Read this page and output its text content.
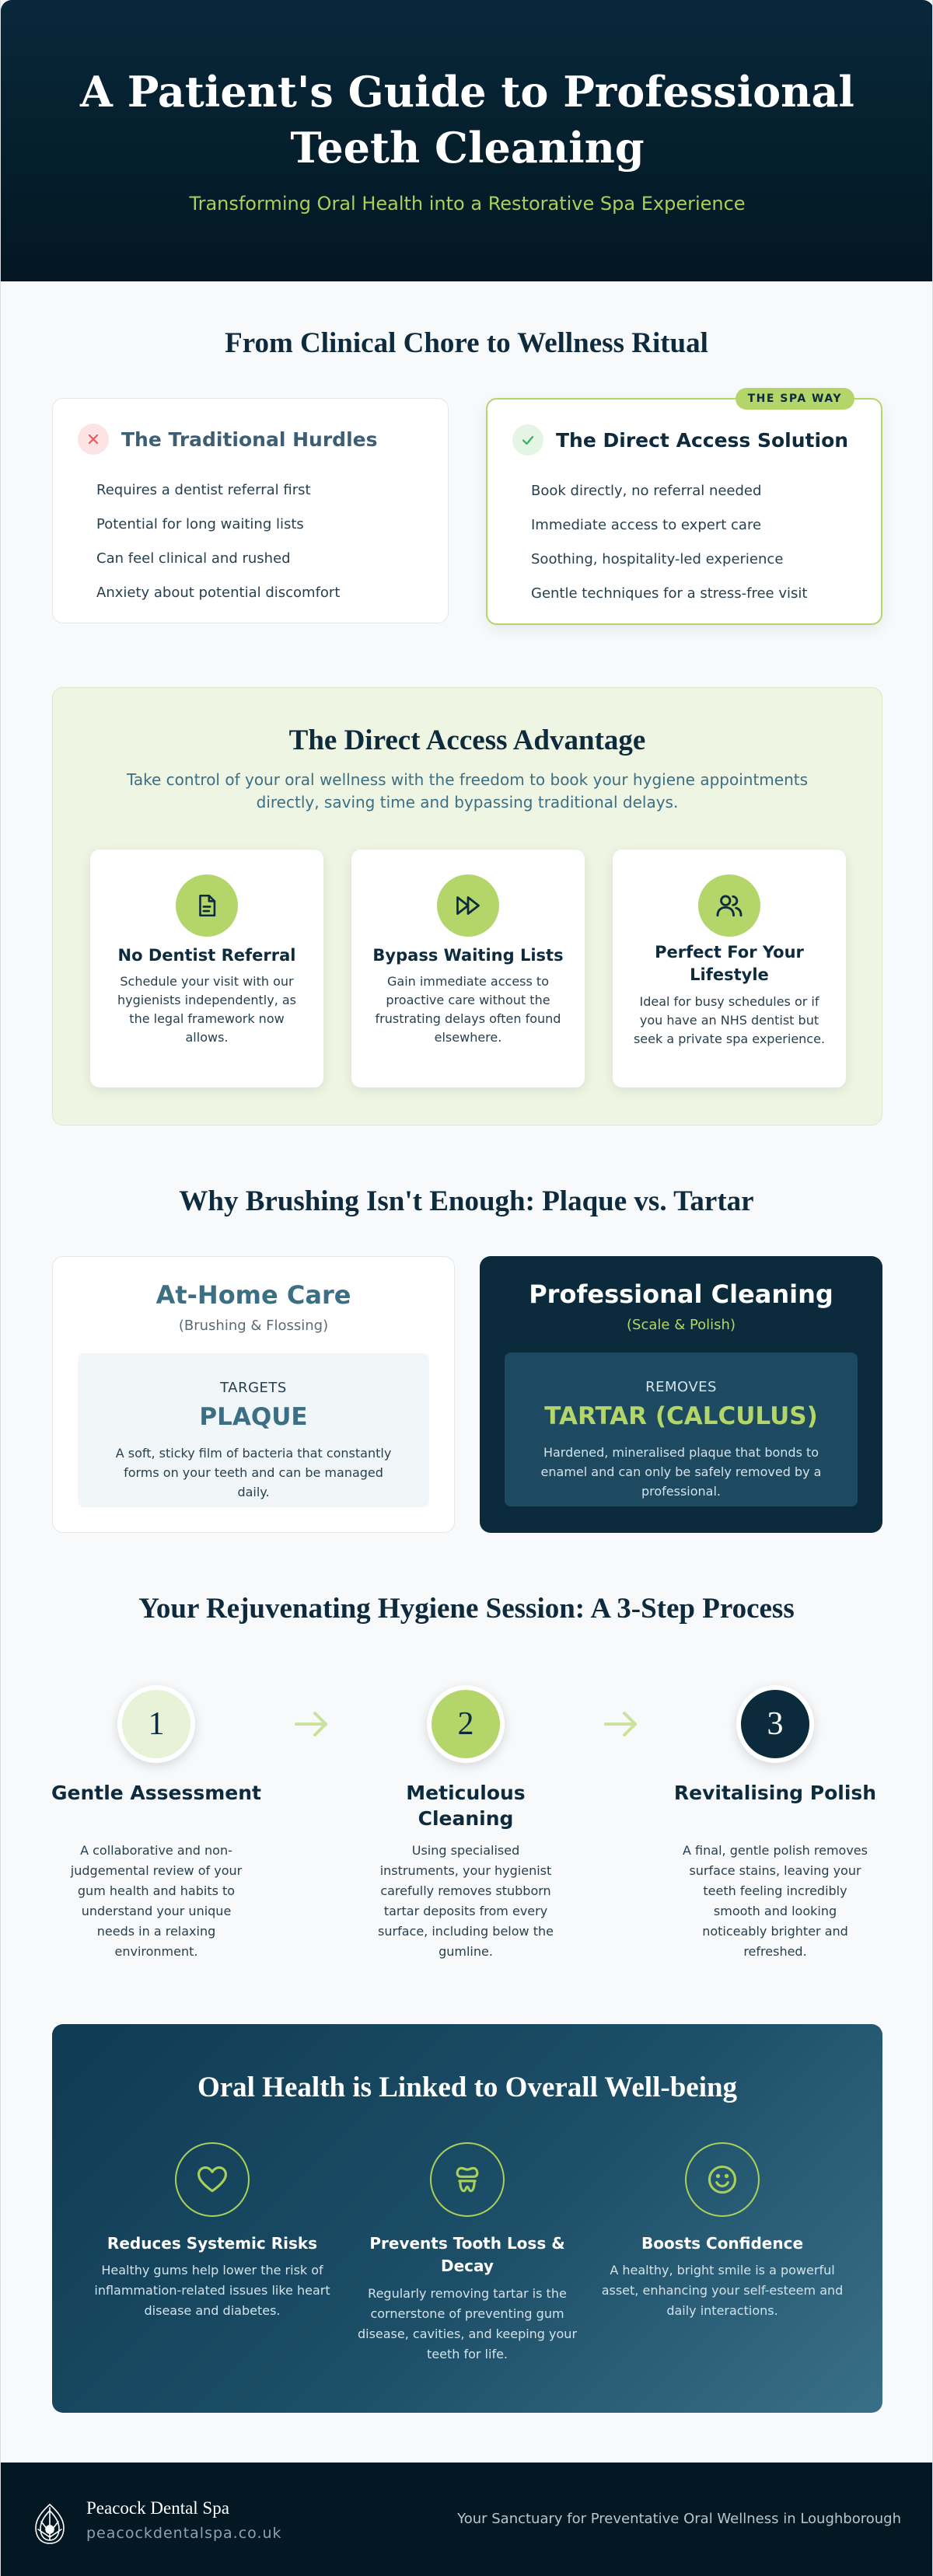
A Patient's Guide to Professional Teeth Cleaning

Transforming Oral Health into a Restorative Spa Experience

From Clinical Chore to Wellness Ritual
The Traditional Hurdles
Requires a dentist referral first
Potential for long waiting lists
Can feel clinical and rushed
Anxiety about potential discomfort
THE SPA WAY
The Direct Access Solution
Book directly, no referral needed
Immediate access to expert care
Soothing, hospitality-led experience
Gentle techniques for a stress-free visit
The Direct Access Advantage

Take control of your oral wellness with the freedom to book your hygiene appointments directly, saving time and bypassing traditional delays.

No Dentist Referral
Schedule your visit with our hygienists independently, as the legal framework now allows.
Bypass Waiting Lists
Gain immediate access to proactive care without the frustrating delays often found elsewhere.
Perfect For Your Lifestyle
Ideal for busy schedules or if you have an NHS dentist but seek a private spa experience.
Why Brushing Isn't Enough: Plaque vs. Tartar
At-Home Care
(Brushing & Flossing)
TARGETS
PLAQUE
A soft, sticky film of bacteria that constantly forms on your teeth and can be managed daily.
Professional Cleaning
(Scale & Polish)
REMOVES
TARTAR (CALCULUS)
Hardened, mineralised plaque that bonds to enamel and can only be safely removed by a professional.
Your Rejuvenating Hygiene Session: A 3-Step Process
1	2	3
Gentle Assessment	Meticulous Cleaning
Revitalising Polish
A collaborative and non-judgemental review of your gum health and habits to understand your unique needs in a relaxing environment.
Using specialised instruments, your hygienist carefully removes stubborn tartar deposits from every surface, including below the gumline.
A final, gentle polish removes surface stains, leaving your teeth feeling incredibly smooth and looking noticeably brighter and refreshed.
Oral Health is Linked to Overall Well-being
Reduces Systemic Risks	Prevents Tooth Loss & Decay
Boosts Confidence
Healthy gums help lower the risk of inflammation-related issues like heart disease and diabetes.
Regularly removing tartar is the cornerstone of preventing gum disease, cavities, and keeping your teeth for life.
A healthy, bright smile is a powerful asset, enhancing your self-esteem and daily interactions.
Peacock Dental Spa
peacockdentalspa.co.uk
Your Sanctuary for Preventative Oral Wellness in Loughborough
